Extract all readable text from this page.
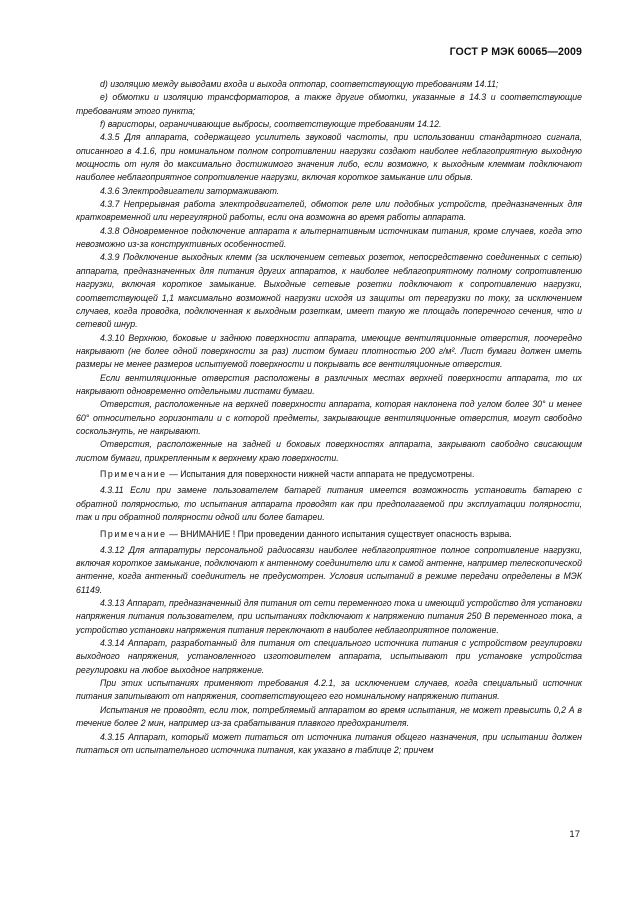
ГОСТ Р МЭК 60065—2009

d) изоляцию между выводами входа и выхода оптопар, соответствующую требованиям 14.11;

e) обмотки и изоляцию трансформаторов, а также другие обмотки, указанные в 14.3 и соответствующие требованиям этого пункта;

f) варисторы, ограничивающие выбросы, соответствующие требованиям 14.12.

4.3.5 Для аппарата, содержащего усилитель звуковой частоты, при использовании стандартного сигнала, описанного в 4.1.6, при номинальном полном сопротивлении нагрузки создают наиболее неблагоприятную выходную мощность от нуля до максимально достижимого значения либо, если возможно, к выходным клеммам подключают наиболее неблагоприятное сопротивление нагрузки, включая короткое замыкание или обрыв.

4.3.6 Электродвигатели затормаживают.

4.3.7 Непрерывная работа электродвигателей, обмоток реле или подобных устройств, предназначенных для кратковременной или нерегулярной работы, если она возможна во время работы аппарата.

4.3.8 Одновременное подключение аппарата к альтернативным источникам питания, кроме случаев, когда это невозможно из-за конструктивных особенностей.

4.3.9 Подключение выходных клемм (за исключением сетевых розеток, непосредственно соединенных с сетью) аппарата, предназначенных для питания других аппаратов, к наиболее неблагоприятному полному сопротивлению нагрузки, включая короткое замыкание. Выходные сетевые розетки подключают к сопротивлению нагрузки, соответствующей 1,1 максимально возможной нагрузки исходя из защиты от перегрузки по току, за исключением случаев, когда проводка, подключенная к выходным розеткам, имеет такую же площадь поперечного сечения, что и сетевой шнур.

4.3.10 Верхнюю, боковые и заднюю поверхности аппарата, имеющие вентиляционные отверстия, поочередно накрывают (не более одной поверхности за раз) листом бумаги плотностью 200 г/м². Лист бумаги должен иметь размеры не менее размеров испытуемой поверхности и покрывать все вентиляционные отверстия.

Если вентиляционные отверстия расположены в различных местах верхней поверхности аппарата, то их накрывают одновременно отдельными листами бумаги.

Отверстия, расположенные на верхней поверхности аппарата, которая наклонена под углом более 30° и менее 60° относительно горизонтали и с которой предметы, закрывающие вентиляционные отверстия, могут свободно соскользнуть, не накрывают.

Отверстия, расположенные на задней и боковых поверхностях аппарата, закрывают свободно свисающим листом бумаги, прикрепленным к верхнему краю поверхности.

Примечание — Испытания для поверхности нижней части аппарата не предусмотрены.

4.3.11 Если при замене пользователем батарей питания имеется возможность установить батарею с обратной полярностью, то испытания аппарата проводят как при предполагаемой при эксплуатации полярности, так и при обратной полярности одной или более батареи.

Примечание — ВНИМАНИЕ ! При проведении данного испытания существует опасность взрыва.

4.3.12 Для аппаратуры персональной радиосвязи наиболее неблагоприятное полное сопротивление нагрузки, включая короткое замыкание, подключают к антенному соединителю или к самой антенне, например телескопической антенне, когда антенный соединитель не предусмотрен. Условия испытаний в режиме передачи определены в МЭК 61149.

4.3.13 Аппарат, предназначенный для питания от сети переменного тока и имеющий устройство для установки напряжения питания пользователем, при испытаниях подключают к напряжению питания 250 В переменного тока, а устройство установки напряжения питания переключают в наиболее неблагоприятное положение.

4.3.14 Аппарат, разработанный для питания от специального источника питания с устройством регулировки выходного напряжения, установленного изготовителем аппарата, испытывают при установке устройства регулировки на любое выходное напряжение.

При этих испытаниях применяют требования 4.2.1, за исключением случаев, когда специальный источник питания запитывают от напряжения, соответствующего его номинальному напряжению питания.

Испытания не проводят, если ток, потребляемый аппаратом во время испытания, не может превысить 0,2 А в течение более 2 мин, например из-за срабатывания плавкого предохранителя.

4.3.15 Аппарат, который может питаться от источника питания общего назначения, при испытании должен питаться от испытательного источника питания, как указано в таблице 2; причем

17
